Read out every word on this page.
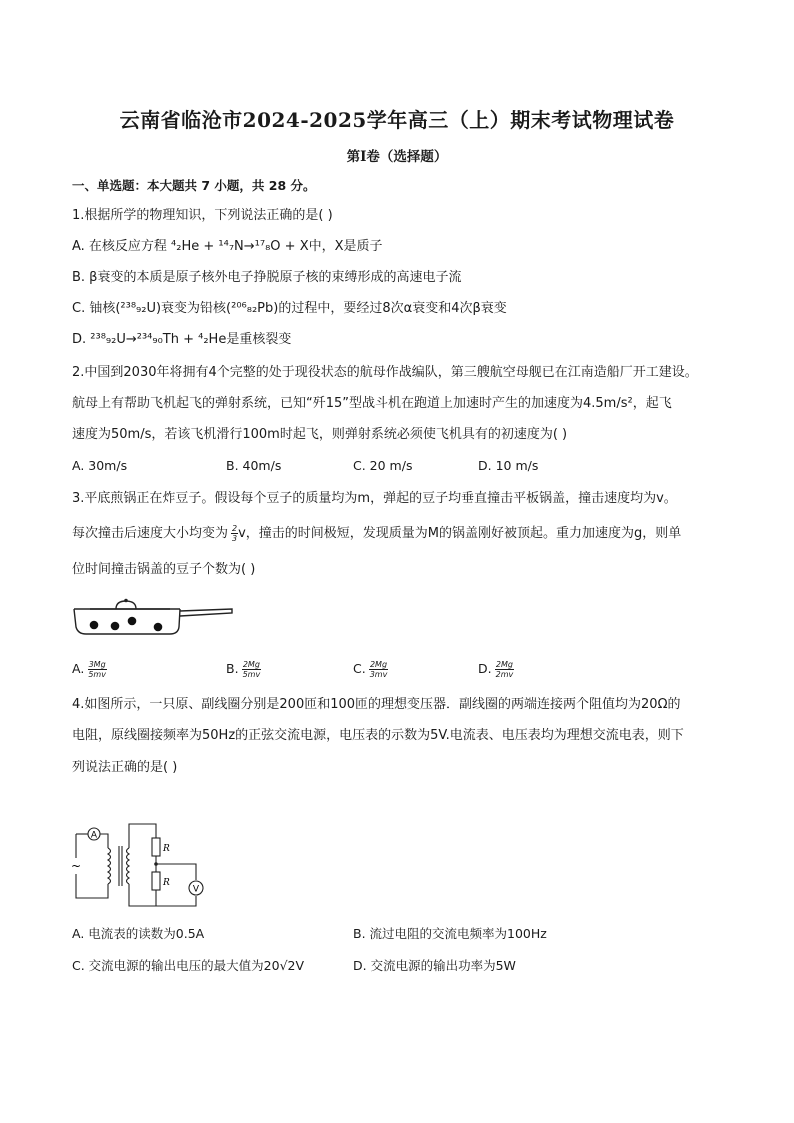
云南省临沧市2024-2025学年高三（上）期末考试物理试卷
第I卷（选择题）
一、单选题：本大题共 7 小题，共 28 分。
1.根据所学的物理知识，下列说法正确的是( )
A. 在核反应方程 ⁴₂He + ¹⁴₇N→¹⁷₈O + X中，X是质子
B. β衰变的本质是原子核外电子挣脱原子核的束缚形成的高速电子流
C. 铀核(²³⁸₉₂U)衰变为铅核(²⁰⁶₈₂Pb)的过程中，要经过8次α衰变和4次β衰变
D. ²³⁸₉₂U→²³⁴₉₀Th + ⁴₂He是重核裂变
2.中国到2030年将拥有4个完整的处于现役状态的航母作战编队，第三艘航空母舰已在江南造船厂开工建设。
航母上有帮助飞机起飞的弹射系统，已知“歼15”型战斗机在跑道上加速时产生的加速度为4.5m/s²，起飞
速度为50m/s，若该飞机滑行100m时起飞，则弹射系统必须使飞机具有的初速度为( )
A. 30m/s	B. 40m/s	C. 20 m/s	D. 10 m/s
3.平底煎锅正在炸豆子。假设每个豆子的质量均为m，弹起的豆子均垂直撞击平板锅盖，撞击速度均为v。
每次撞击后速度大小均变为 $\frac{2}{3}$ v，撞击的时间极短，发现质量为M的锅盖刚好被顶起。重力加速度为g，则单
位时间撞击锅盖的豆子个数为( )
A. $\frac{3Mg}{5mv}$	B. $\frac{2Mg}{5mv}$	C. $\frac{2Mg}{3mv}$	D. $\frac{2Mg}{2mv}$
4.如图所示，一只原、副线圈分别是200匝和100匝的理想变压器．副线圈的两端连接两个阻值均为20Ω的
电阻，原线圈接频率为50Hz的正弦交流电源，电压表的示数为5V.电流表、电压表均为理想交流电表，则下
列说法正确的是( )
A
V
~
R
R
A. 电流表的读数为0.5A	B. 流过电阻的交流电频率为100Hz
C. 交流电源的输出电压的最大值为20√2V	D. 交流电源的输出功率为5W
